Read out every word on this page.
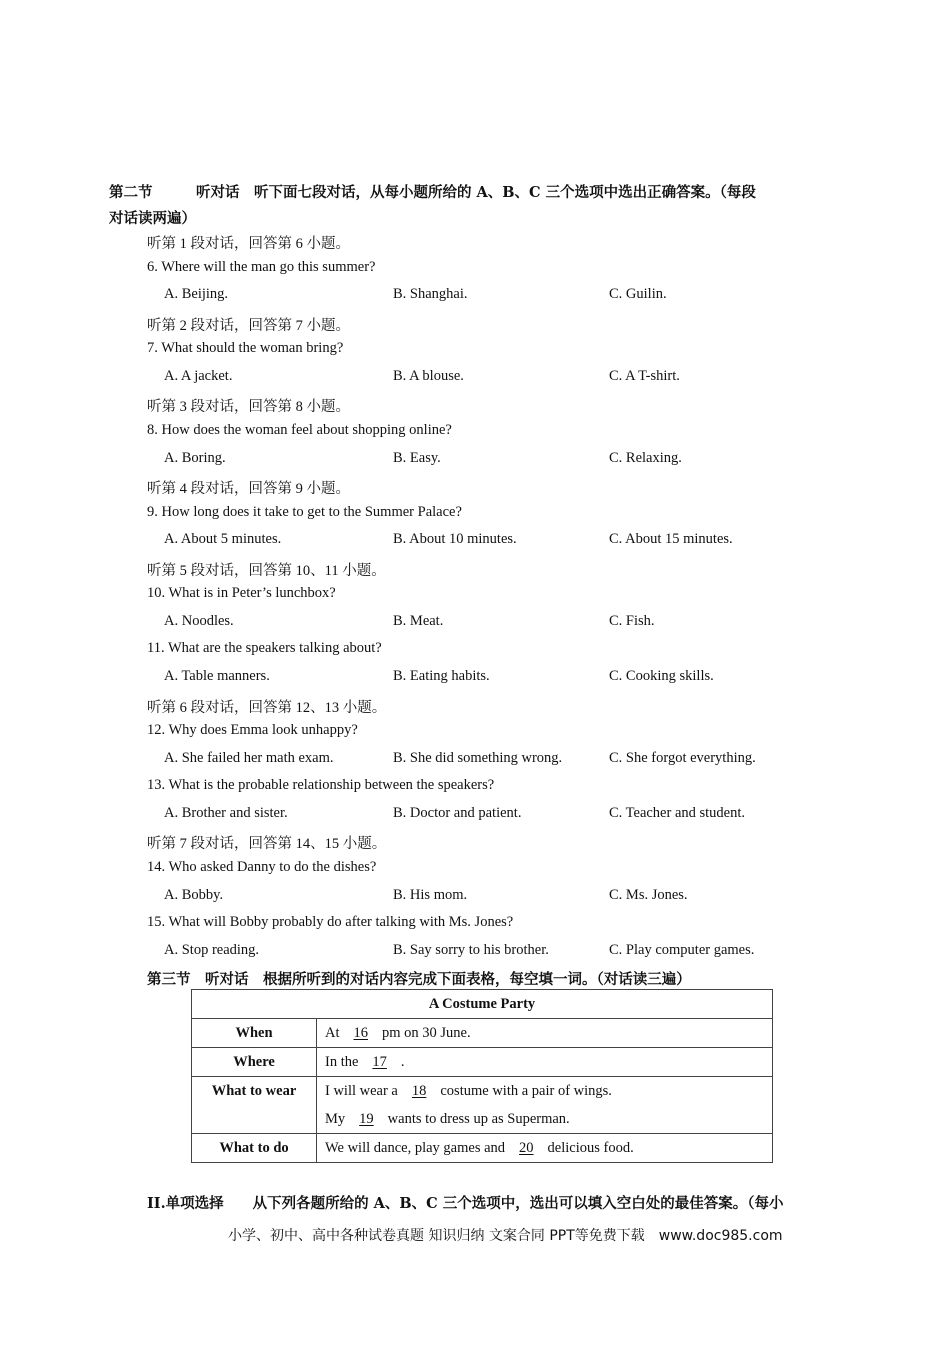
第二节　　　听对话　听下面七段对话，从每小题所给的 A、B、C 三个选项中选出正确答案。（每段
对话读两遍）
听第 1 段对话，回答第 6 小题。
6. Where will the man go this summer?
A. Beijing.	B. Shanghai.	C. Guilin.
听第 2 段对话，回答第 7 小题。
7. What should the woman bring?
A. A jacket.	B. A blouse.	C. A T-shirt.
听第 3 段对话，回答第 8 小题。
8. How does the woman feel about shopping online?
A. Boring.	B. Easy.	C. Relaxing.
听第 4 段对话，回答第 9 小题。
9. How long does it take to get to the Summer Palace?
A. About 5 minutes.	B. About 10 minutes.	C. About 15 minutes.
听第 5 段对话，回答第 10、11 小题。
10. What is in Peter’s lunchbox?
A. Noodles.	B. Meat.	C. Fish.
11. What are the speakers talking about?
A. Table manners.	B. Eating habits.	C. Cooking skills.
听第 6 段对话，回答第 12、13 小题。
12. Why does Emma look unhappy?
A. She failed her math exam.	B. She did something wrong.	C. She forgot everything.
13. What is the probable relationship between the speakers?
A. Brother and sister.	B. Doctor and patient.	C. Teacher and student.
听第 7 段对话，回答第 14、15 小题。
14. Who asked Danny to do the dishes?
A. Bobby.	B. His mom.	C. Ms. Jones.
15. What will Bobby probably do after talking with Ms. Jones?
A. Stop reading.	B. Say sorry to his brother.	C. Play computer games.
第三节　听对话　根据所听到的对话内容完成下面表格，每空填一词。（对话读三遍）
A Costume Party	
When	At 16 pm on 30 June.
Where	In the 17 .

What to wear	I will wear a 18 costume with a pair of wings.
My 19 wants to dress up as Superman.

What to do	We will dance, play games and 20 delicious food.
II.单项选择　　从下列各题所给的 A、B、C 三个选项中，选出可以填入空白处的最佳答案。（每小
小学、初中、高中各种试卷真题 知识归纳 文案合同 PPT等免费下载　www.doc985.com
